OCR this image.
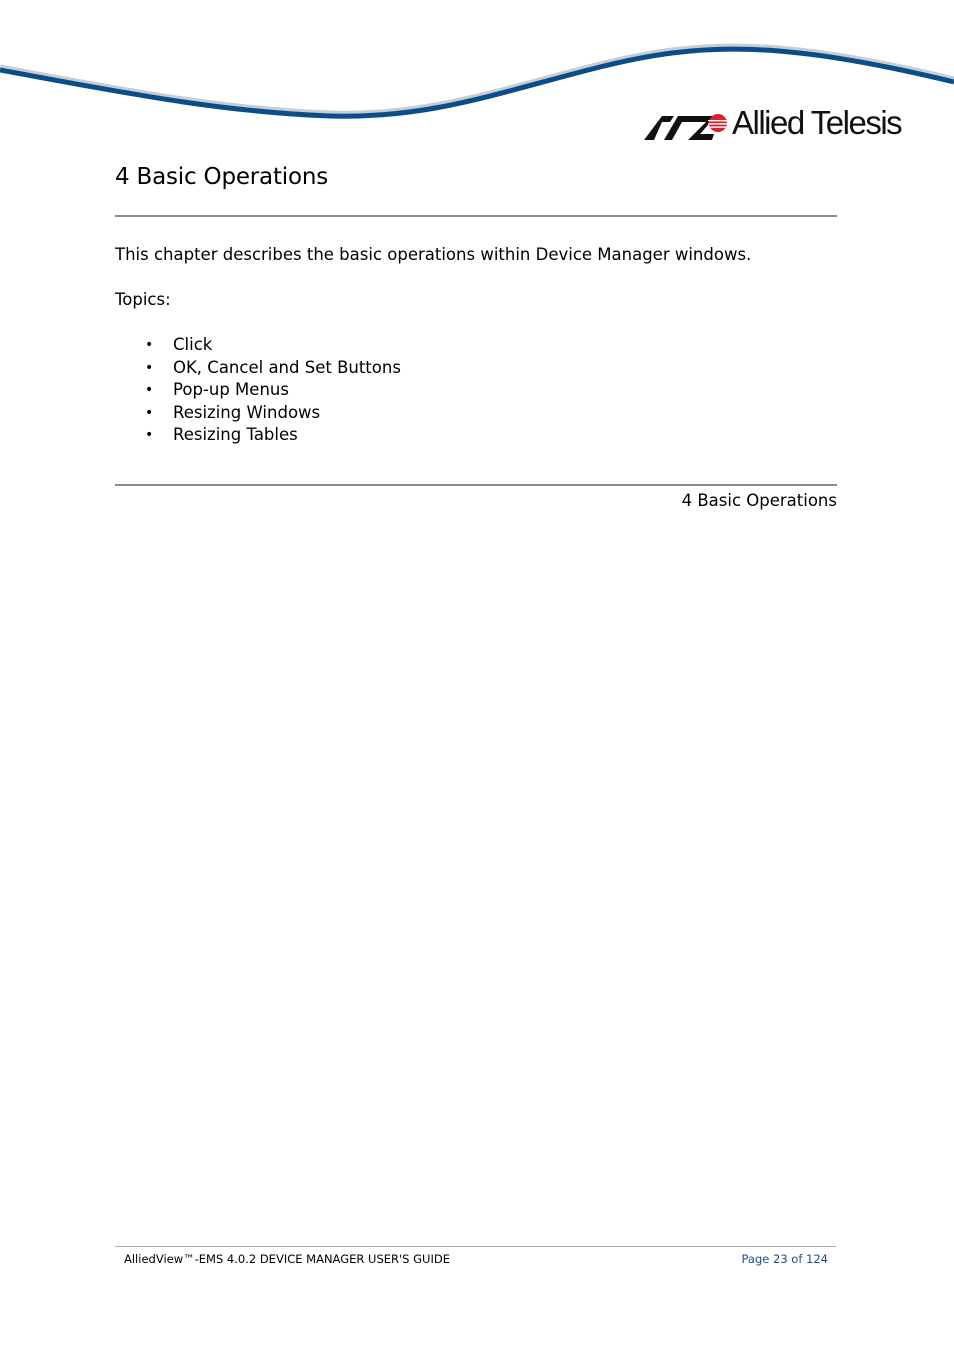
Allied Telesis
4 Basic Operations

This chapter describes the basic operations within Device Manager windows.

Topics:

• Click
• OK, Cancel and Set Buttons
• Pop-up Menus
• Resizing Windows
• Resizing Tables
4 Basic Operations
AlliedView™-EMS 4.0.2 DEVICE MANAGER USER'S GUIDE	Page 23 of 124
